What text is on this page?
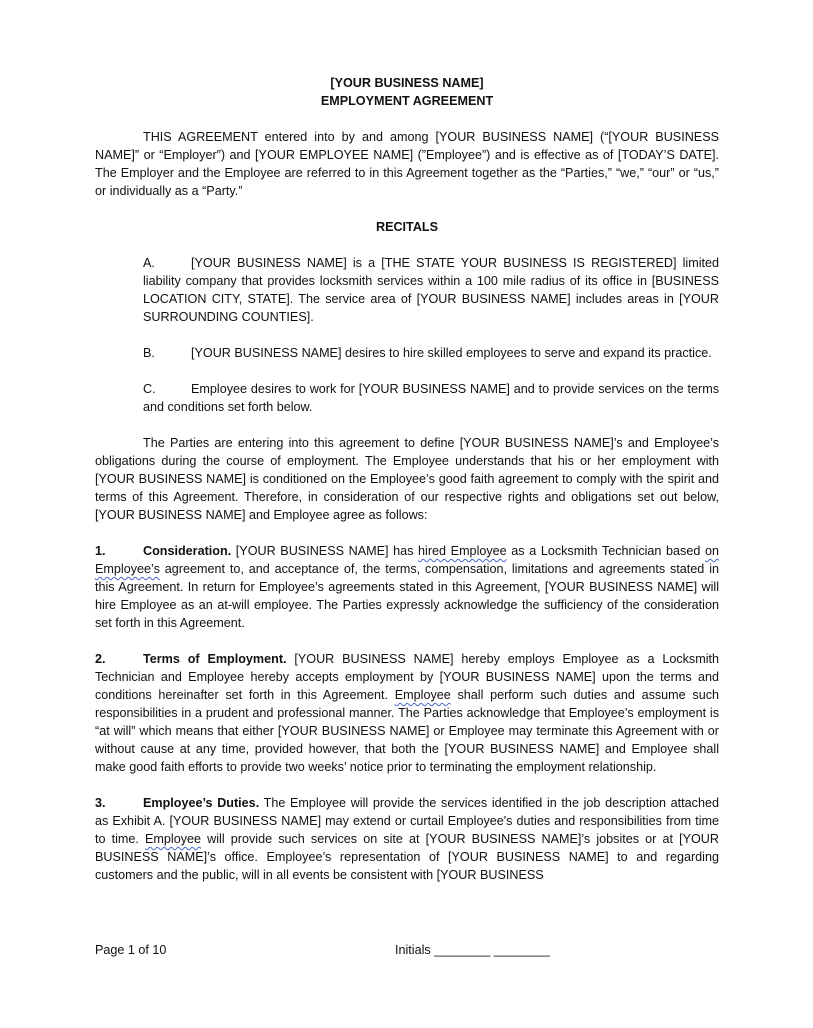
[YOUR BUSINESS NAME]

EMPLOYMENT AGREEMENT

THIS AGREEMENT entered into by and among [YOUR BUSINESS NAME] (“[YOUR BUSINESS NAME]” or “Employer”) and [YOUR EMPLOYEE NAME] (”Employee”) and is effective as of [TODAY’S DATE]. The Employer and the Employee are referred to in this Agreement together as the “Parties,” “we,” “our” or “us,” or individually as a “Party.”

RECITALS

A.	[YOUR BUSINESS NAME] is a [THE STATE YOUR BUSINESS IS REGISTERED] limited liability company that provides locksmith services within a 100 mile radius of its office in [BUSINESS LOCATION CITY, STATE]. The service area of [YOUR BUSINESS NAME] includes areas in [YOUR SURROUNDING COUNTIES].

B.	[YOUR BUSINESS NAME] desires to hire skilled employees to serve and expand its practice.

C.	Employee desires to work for [YOUR BUSINESS NAME] and to provide services on the terms and conditions set forth below.

The Parties are entering into this agreement to define [YOUR BUSINESS NAME]’s and Employee’s obligations during the course of employment. The Employee understands that his or her employment with [YOUR BUSINESS NAME] is conditioned on the Employee’s good faith agreement to comply with the spirit and terms of this Agreement. Therefore, in consideration of our respective rights and obligations set out below, [YOUR BUSINESS NAME] and Employee agree as follows:

1.	Consideration. [YOUR BUSINESS NAME] has hired Employee as a Locksmith Technician based on Employee’s agreement to, and acceptance of, the terms, compensation, limitations and agreements stated in this Agreement. In return for Employee’s agreements stated in this Agreement, [YOUR BUSINESS NAME] will hire Employee as an at-will employee. The Parties expressly acknowledge the sufficiency of the consideration set forth in this Agreement.

2.	Terms of Employment. [YOUR BUSINESS NAME] hereby employs Employee as a Locksmith Technician and Employee hereby accepts employment by [YOUR BUSINESS NAME] upon the terms and conditions hereinafter set forth in this Agreement. Employee shall perform such duties and assume such responsibilities in a prudent and professional manner. The Parties acknowledge that Employee’s employment is “at will” which means that either [YOUR BUSINESS NAME] or Employee may terminate this Agreement with or without cause at any time, provided however, that both the [YOUR BUSINESS NAME] and Employee shall make good faith efforts to provide two weeks’ notice prior to terminating the employment relationship.

3.	Employee’s Duties. The Employee will provide the services identified in the job description attached as Exhibit A. [YOUR BUSINESS NAME] may extend or curtail Employee's duties and responsibilities from time to time. Employee will provide such services on site at [YOUR BUSINESS NAME]’s jobsites or at [YOUR BUSINESS NAME]’s office. Employee’s representation of [YOUR BUSINESS NAME] to and regarding customers and the public, will in all events be consistent with [YOUR BUSINESS

Page 1 of 10	Initials ________ ________
